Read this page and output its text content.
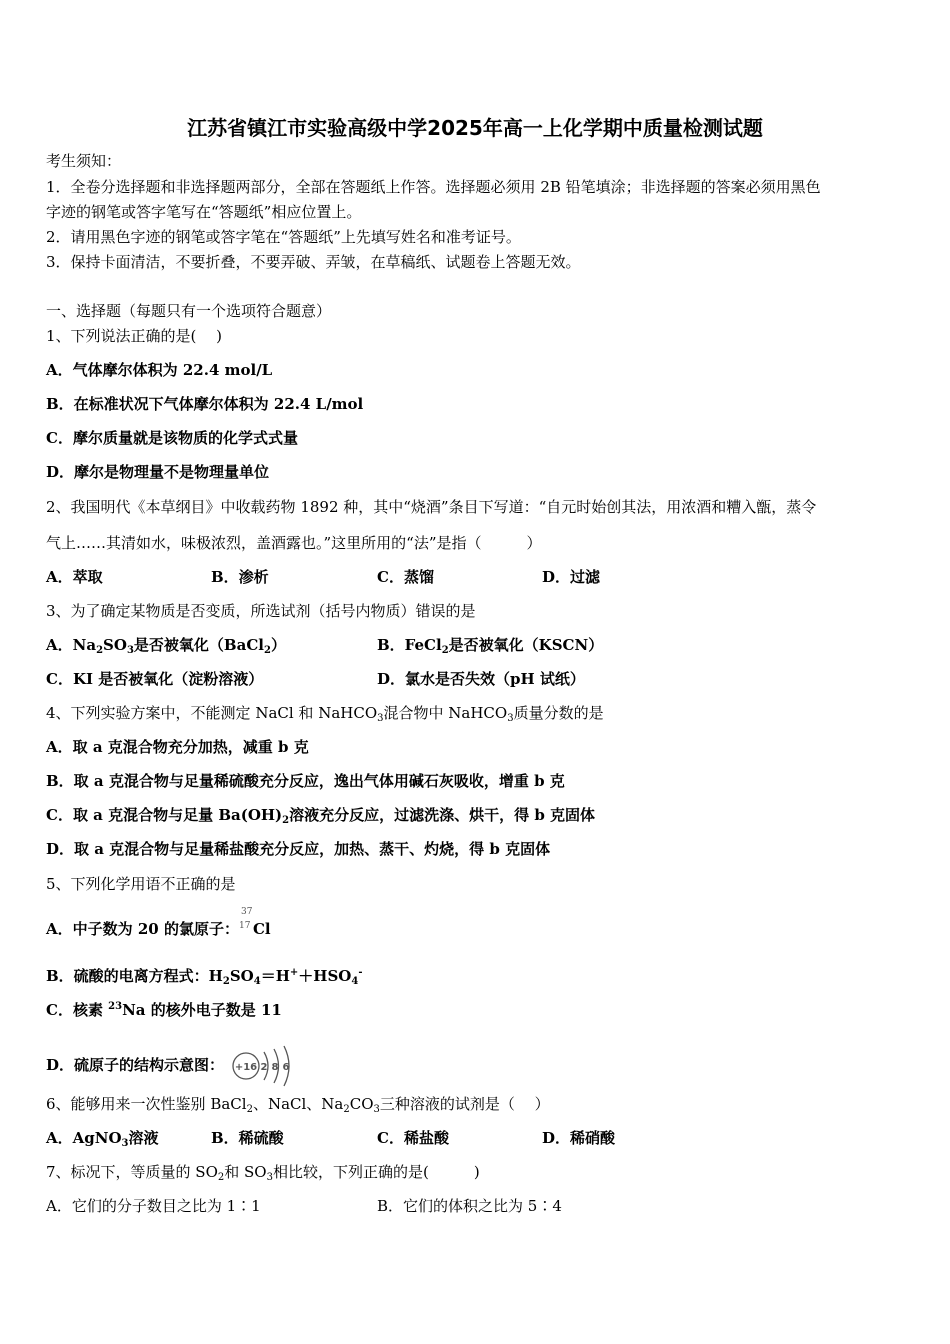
江苏省镇江市实验高级中学2025年高一上化学期中质量检测试题
考生须知：
1．全卷分选择题和非选择题两部分，全部在答题纸上作答。选择题必须用 2B 铅笔填涂；非选择题的答案必须用黑色
字迹的钢笔或答字笔写在“答题纸”相应位置上。
2．请用黑色字迹的钢笔或答字笔在“答题纸”上先填写姓名和准考证号。
3．保持卡面清洁，不要折叠，不要弄破、弄皱，在草稿纸、试题卷上答题无效。
一、选择题（每题只有一个选项符合题意）
1、下列说法正确的是(　 )
A．气体摩尔体积为 22.4 mol/L
B．在标准状况下气体摩尔体积为 22.4 L/mol
C．摩尔质量就是该物质的化学式式量
D．摩尔是物理量不是物理量单位
2、我国明代《本草纲目》中收载药物 1892 种，其中“烧酒”条目下写道：“自元时始创其法，用浓酒和糟入甑，蒸令
气上……其清如水，味极浓烈，盖酒露也。”这里所用的“法”是指（　　　）
A．萃取	B．渗析	C．蒸馏	D．过滤
3、为了确定某物质是否变质，所选试剂（括号内物质）错误的是
A．$Na_2SO_3$是否被氧化（BaCl$_2$）	B．FeCl$_2$是否被氧化（KSCN）
C．KI 是否被氧化（淀粉溶液）	D．氯水是否失效（pH 试纸）
4、下列实验方案中，不能测定 NaCl 和 NaHCO$_3$混合物中 NaHCO$_3$质量分数的是
A．取 a 克混合物充分加热，减重 b 克
B．取 a 克混合物与足量稀硫酸充分反应，逸出气体用碱石灰吸收，增重 b 克
C．取 a 克混合物与足量 $Ba(OH)_2$溶液充分反应，过滤洗涤、烘干，得 b 克固体
D．取 a 克混合物与足量稀盐酸充分反应，加热、蒸干、灼烧，得 b 克固体
5、下列化学用语不正确的是
A．中子数为 20 的氯原子：
37
17 Cl
B．硫酸的电离方程式：$H_2SO_4=H^++HSO_4^-$
C．核素 $^{23}$Na 的核外电子数是 11
D．硫原子的结构示意图： +16 2 8 6
6、能够用来一次性鉴别 BaCl$_2$、NaCl、$Na_2CO_3$三种溶液的试剂是（　 ）
A．AgNO$_3$溶液	B．稀硫酸	C．稀盐酸	D．稀硝酸
7、标况下，等质量的 $SO_2$和 $SO_3$相比较，下列正确的是(　　　)
A．它们的分子数目之比为 1∶1	B．它们的体积之比为 5∶4
